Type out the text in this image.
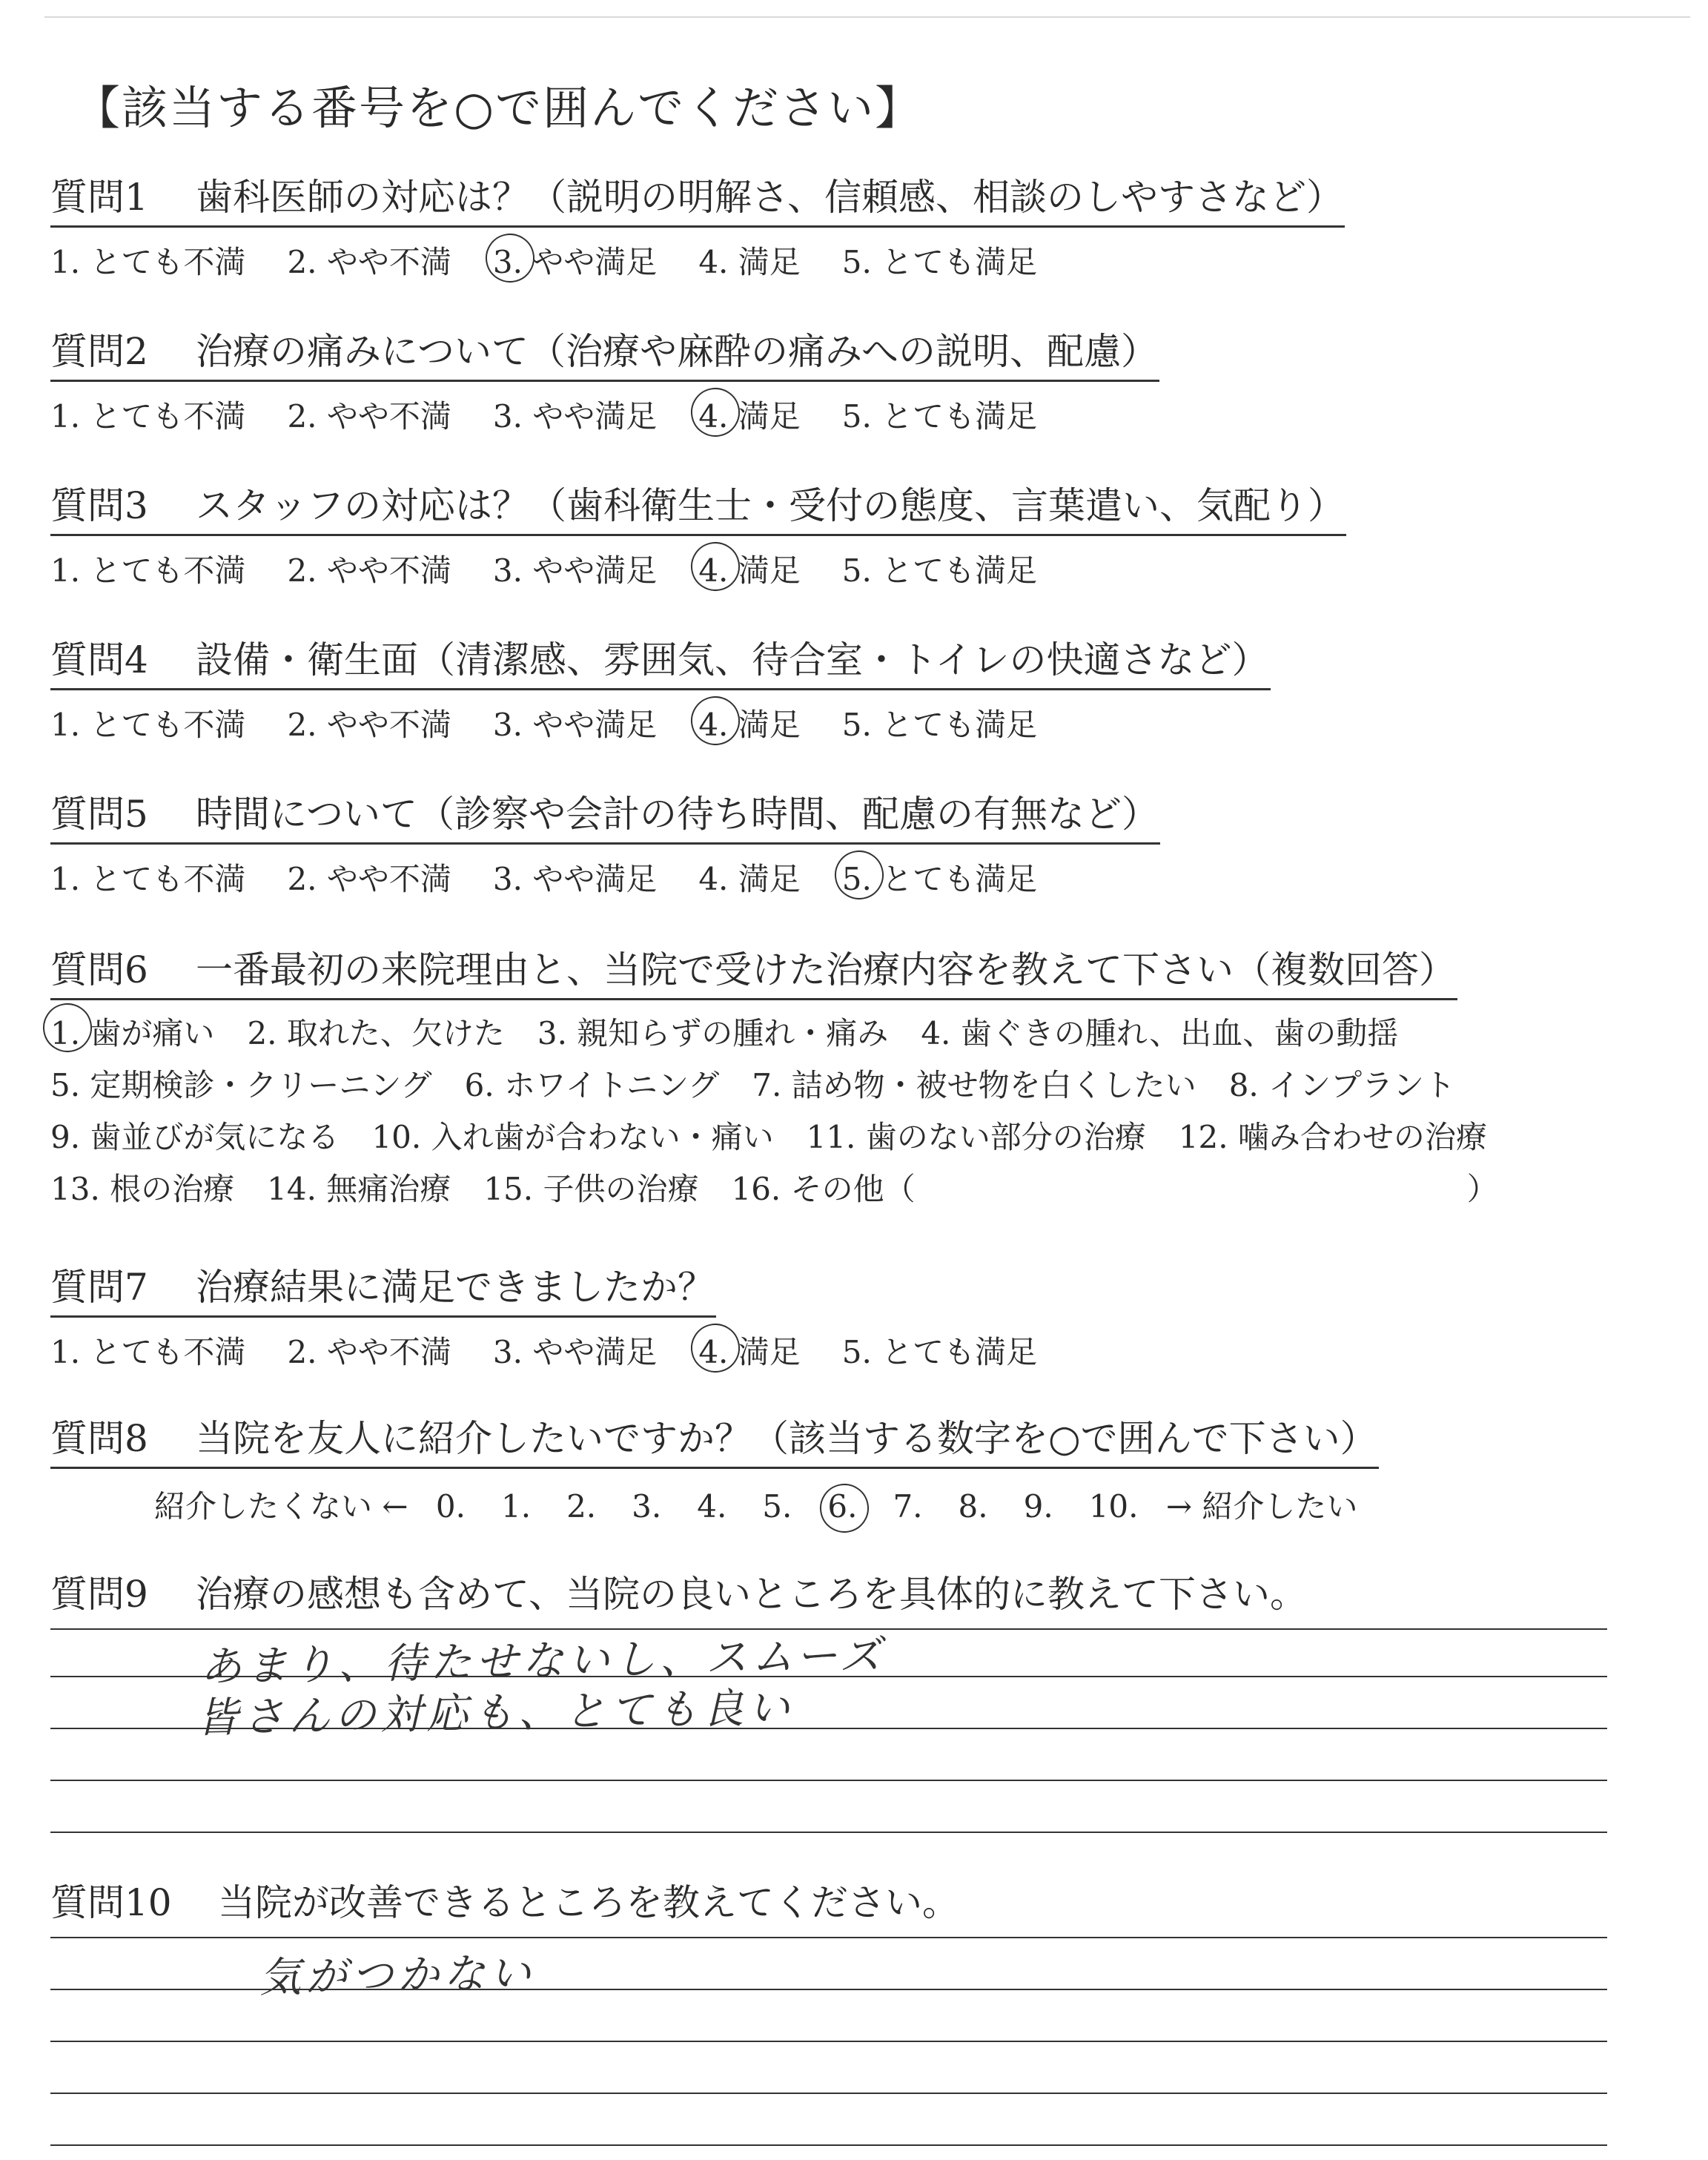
【該当する番号を○で囲んでください】
質問1 歯科医師の対応は？（説明の明解さ、信頼感、相談のしやすさなど）
1. とても不満 2. やや不満 3. やや満足 4. 満足 5. とても満足
質問2 治療の痛みについて（治療や麻酔の痛みへの説明、配慮）
1. とても不満 2. やや不満 3. やや満足 4. 満足 5. とても満足
質問3 スタッフの対応は？（歯科衛生士・受付の態度、言葉遣い、気配り）
1. とても不満 2. やや不満 3. やや満足 4. 満足 5. とても満足
質問4 設備・衛生面（清潔感、雰囲気、待合室・トイレの快適さなど）
1. とても不満 2. やや不満 3. やや満足 4. 満足 5. とても満足
質問5 時間について（診察や会計の待ち時間、配慮の有無など）
1. とても不満 2. やや不満 3. やや満足 4. 満足 5. とても満足
質問6 一番最初の来院理由と、当院で受けた治療内容を教えて下さい（複数回答）
1. 歯が痛い 2. 取れた、欠けた 3. 親知らずの腫れ・痛み 4. 歯ぐきの腫れ、出血、歯の動揺
5. 定期検診・クリーニング 6. ホワイトニング 7. 詰め物・被せ物を白くしたい 8. インプラント
9. 歯並びが気になる 10. 入れ歯が合わない・痛い 11. 歯のない部分の治療 12. 噛み合わせの治療
13. 根の治療 14. 無痛治療 15. 子供の治療 16. その他（	）
質問7 治療結果に満足できましたか？
1. とても不満 2. やや不満 3. やや満足 4. 満足 5. とても満足
質問8 当院を友人に紹介したいですか？（該当する数字を○で囲んで下さい）
紹介したくない ← 0. 1. 2. 3. 4. 5. 6. 7. 8. 9. 10. → 紹介したい
質問9 治療の感想も含めて、当院の良いところを具体的に教えて下さい。
あまり、待たせないし、スムーズ
皆さんの対応も、とても良い
質問10 当院が改善できるところを教えてください。
気がつかない
